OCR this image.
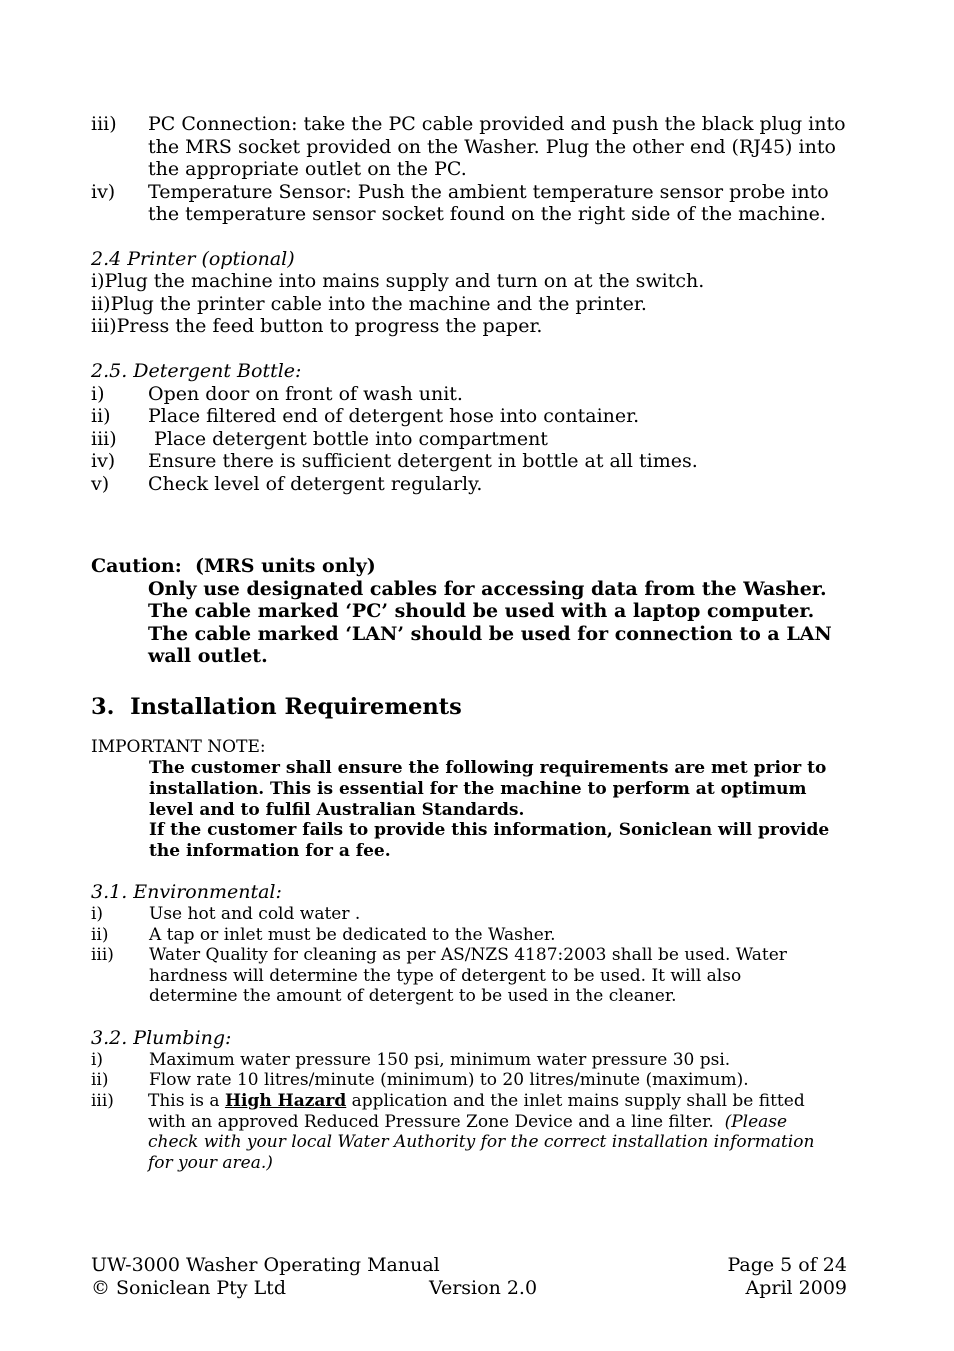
iii) PC Connection: take the PC cable provided and push the black plug into
the MRS socket provided on the Washer. Plug the other end (RJ45) into
the appropriate outlet on the PC.
iv) Temperature Sensor: Push the ambient temperature sensor probe into
the temperature sensor socket found on the right side of the machine.
2.4 Printer (optional)
i)Plug the machine into mains supply and turn on at the switch.
ii)Plug the printer cable into the machine and the printer.
iii)Press the feed button to progress the paper.
2.5. Detergent Bottle:
i) Open door on front of wash unit.
ii) Place filtered end of detergent hose into container.
iii) Place detergent bottle into compartment
iv) Ensure there is sufficient detergent in bottle at all times.
v) Check level of detergent regularly.
Caution:  (MRS units only)
Only use designated cables for accessing data from the Washer.
The cable marked ‘PC’ should be used with a laptop computer.
The cable marked ‘LAN’ should be used for connection to a LAN
wall outlet.
3.  Installation Requirements
IMPORTANT NOTE:
The customer shall ensure the following requirements are met prior to
installation. This is essential for the machine to perform at optimum
level and to fulfil Australian Standards.
If the customer fails to provide this information, Soniclean will provide
the information for a fee.
3.1. Environmental:
i)	Use hot and cold water .
ii) A tap or inlet must be dedicated to the Washer.
iii) Water Quality for cleaning as per AS/NZS 4187:2003 shall be used. Water
hardness will determine the type of detergent to be used. It will also
determine the amount of detergent to be used in the cleaner.
3.2. Plumbing:
i)	Maximum water pressure 150 psi, minimum water pressure 30 psi.
ii) Flow rate 10 litres/minute (minimum) to 20 litres/minute (maximum).
iii) This is a High Hazard application and the inlet mains supply shall be fitted
with an approved Reduced Pressure Zone Device and a line filter.  (Please
check with your local Water Authority for the correct installation information
for your area.)
UW-3000 Washer Operating Manual	Page 5 of 24
© Soniclean Pty Ltd	Version 2.0	April 2009
